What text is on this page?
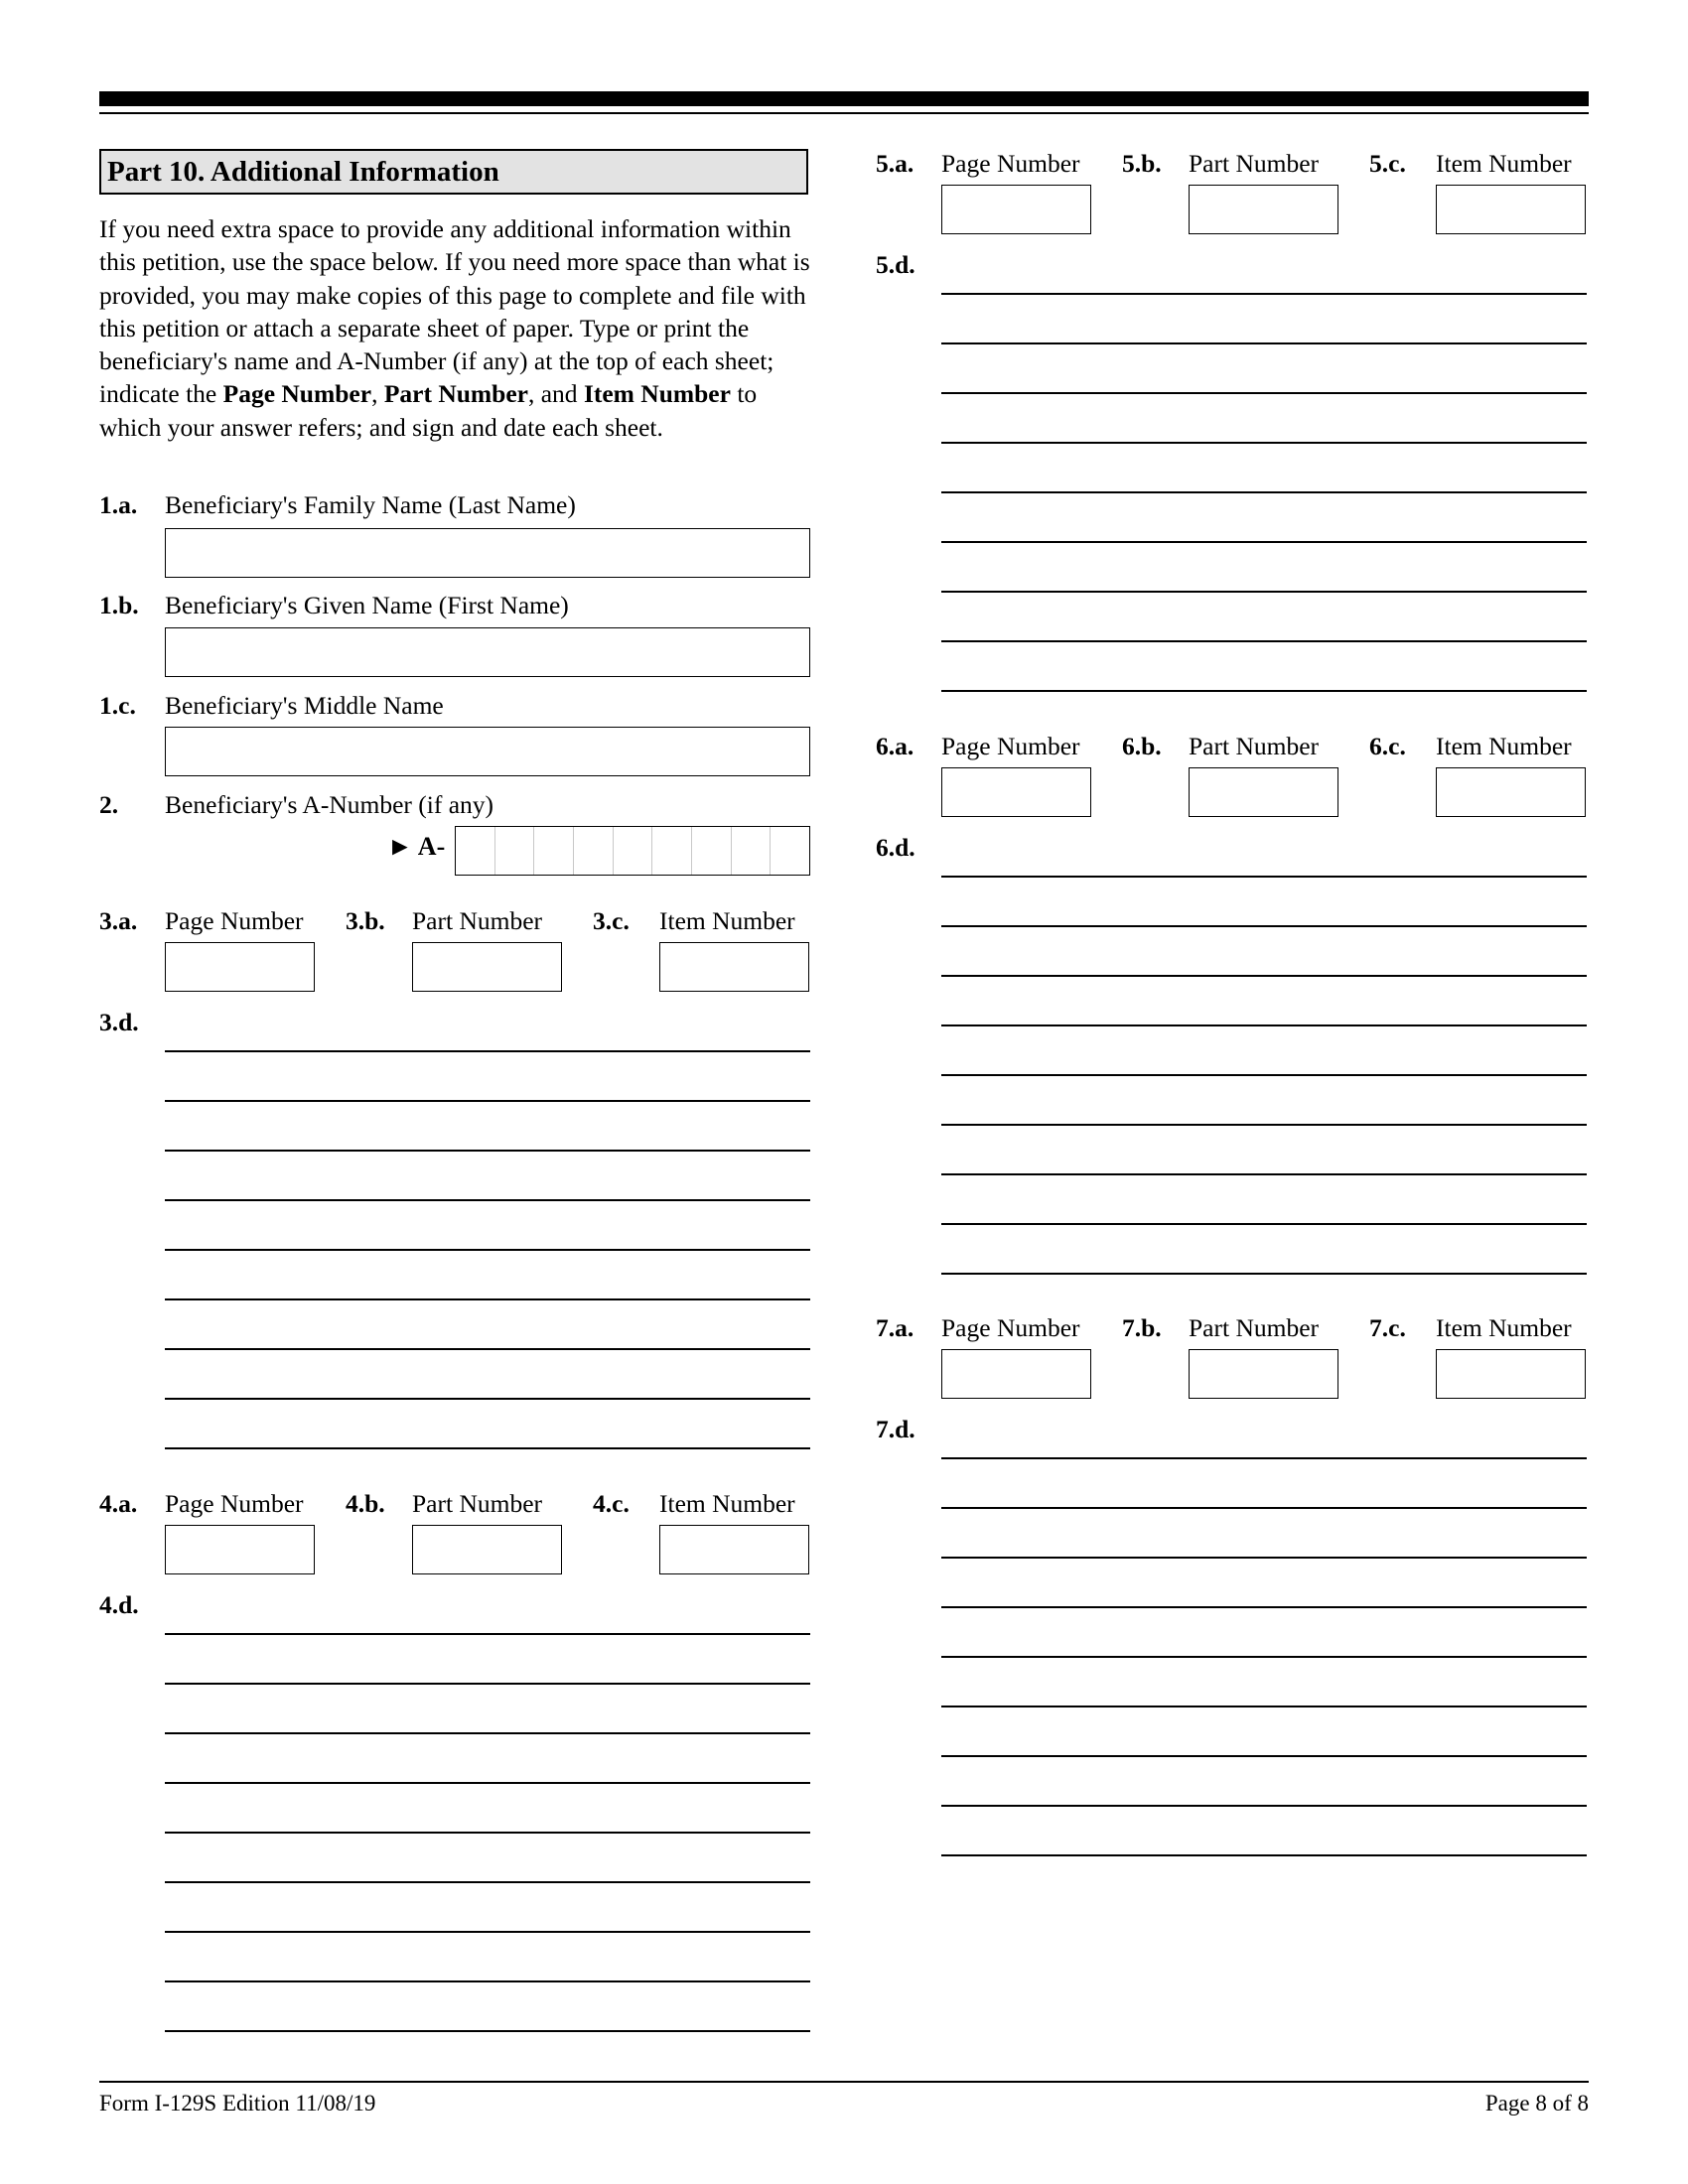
Part 10. Additional Information
If you need extra space to provide any additional information within this petition, use the space below. If you need more space than what is provided, you may make copies of this page to complete and file with this petition or attach a separate sheet of paper. Type or print the beneficiary's name and A-Number (if any) at the top of each sheet; indicate the Page Number, Part Number, and Item Number to which your answer refers; and sign and date each sheet.
1.a. Beneficiary's Family Name (Last Name)
1.b. Beneficiary's Given Name (First Name)
1.c. Beneficiary's Middle Name
2. Beneficiary's A-Number (if any)
► A-
3.a. Page Number 3.b. Part Number 3.c. Item Number
3.d.
4.a. Page Number 4.b. Part Number 4.c. Item Number
4.d.
5.a. Page Number 5.b. Part Number 5.c. Item Number
5.d.
6.a. Page Number 6.b. Part Number 6.c. Item Number
6.d.
7.a. Page Number 7.b. Part Number 7.c. Item Number
7.d.
Form I-129S Edition 11/08/19	Page 8 of 8
